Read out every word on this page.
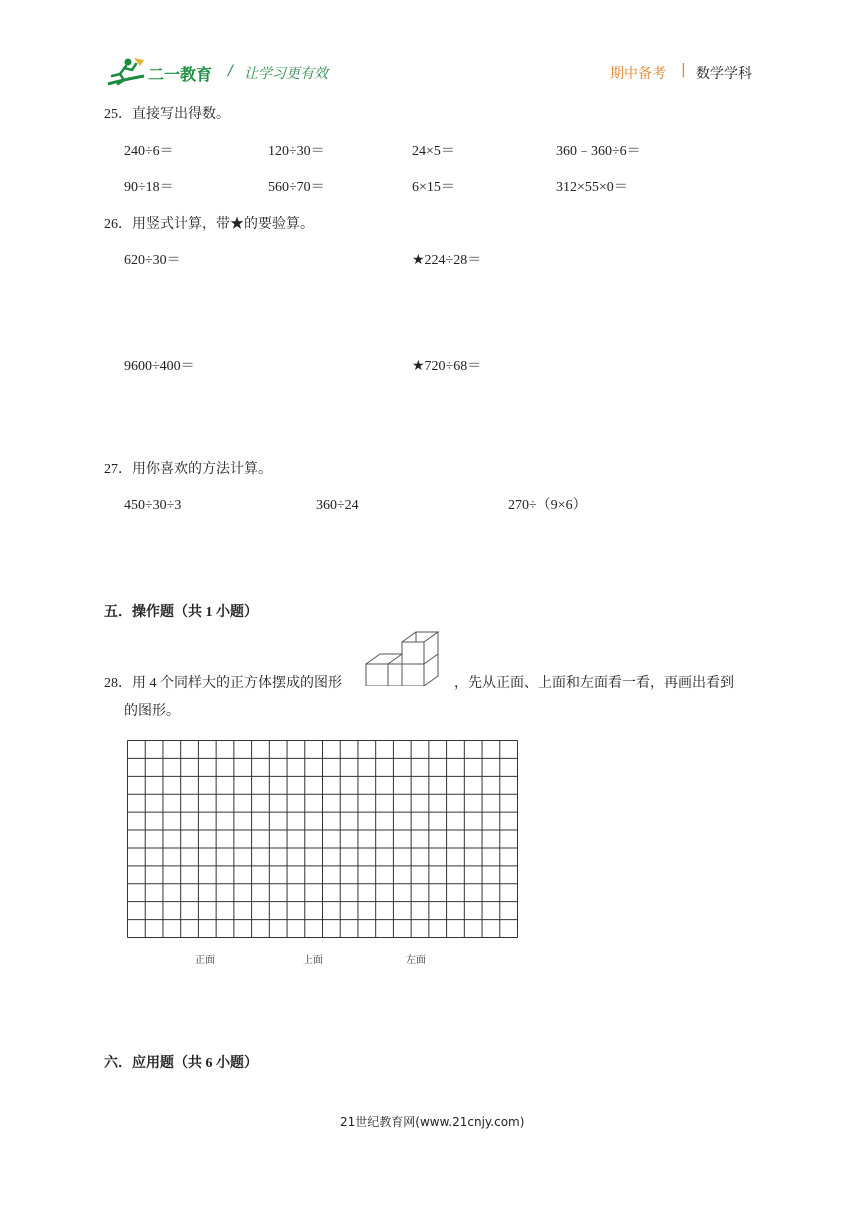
二一教育 / 让学习更有效	期中备考 | 数学学科
25．直接写出得数。
240÷6＝	120÷30＝	24×5＝	360﹣360÷6＝
90÷18＝	560÷70＝	6×15＝	312×55×0＝
26．用竖式计算，带★的要验算。
620÷30＝	★224÷28＝
9600÷400＝	★720÷68＝
27．用你喜欢的方法计算。
450÷30÷3	360÷24	270÷（9×6）
五．操作题（共 1 小题）
28．用 4 个同样大的正方体摆成的图形	，先从正面、上面和左面看一看，再画出看到
的图形。
正面	上面	左面
六．应用题（共 6 小题）
21世纪教育网(www.21cnjy.com)
